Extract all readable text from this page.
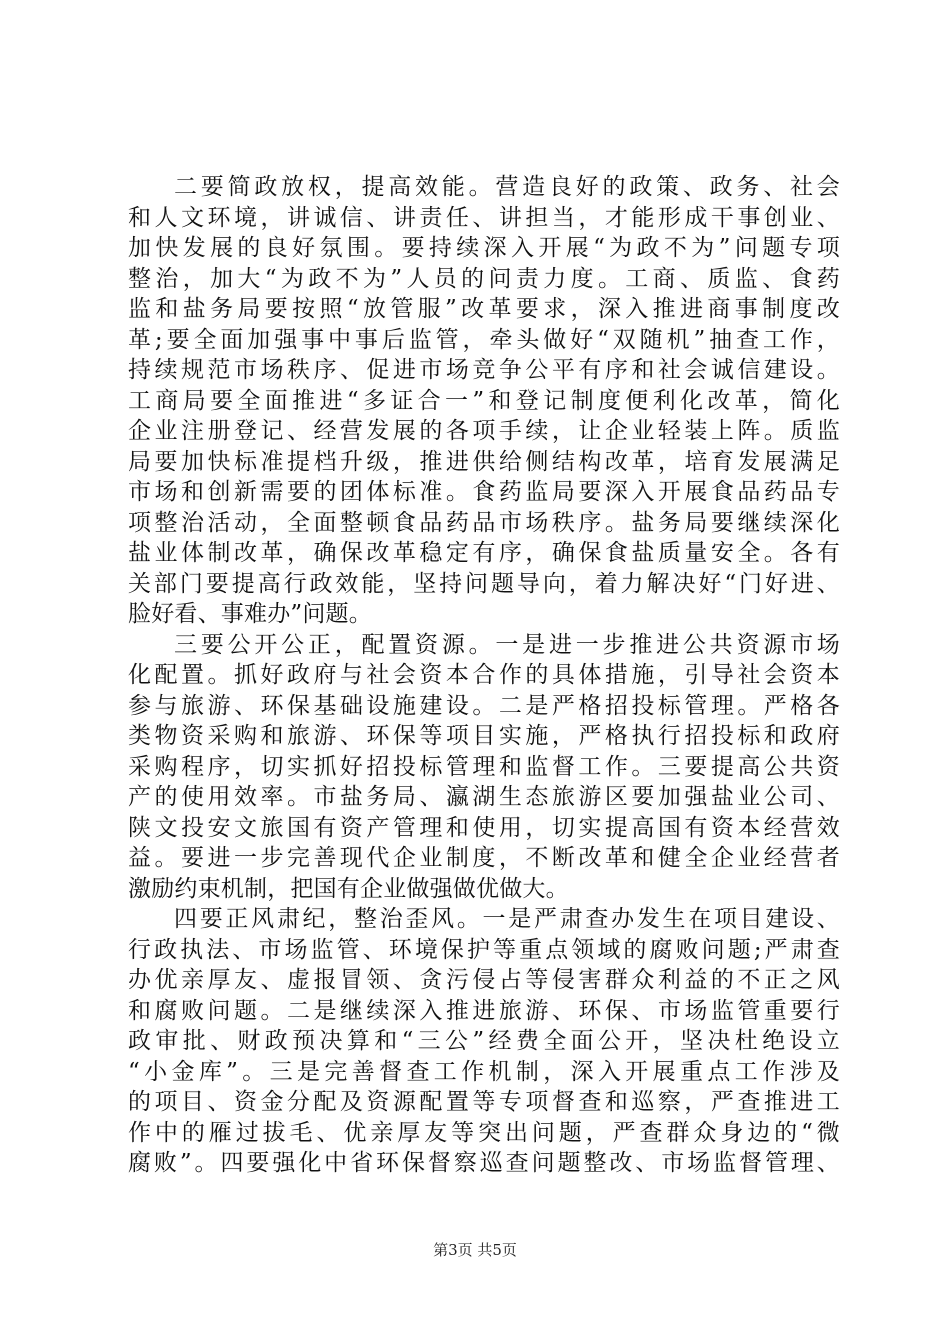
二要简政放权，提高效能。营造良好的政策、政务、社会
和人文环境，讲诚信、讲责任、讲担当，才能形成干事创业、
加快发展的良好氛围。要持续深入开展“为政不为”问题专项
整治，加大“为政不为”人员的问责力度。工商、质监、食药
监和盐务局要按照“放管服”改革要求，深入推进商事制度改
革;要全面加强事中事后监管，牵头做好“双随机”抽查工作，
持续规范市场秩序、促进市场竞争公平有序和社会诚信建设。
工商局要全面推进“多证合一”和登记制度便利化改革，简化
企业注册登记、经营发展的各项手续，让企业轻装上阵。质监
局要加快标准提档升级，推进供给侧结构改革，培育发展满足
市场和创新需要的团体标准。食药监局要深入开展食品药品专
项整治活动，全面整顿食品药品市场秩序。盐务局要继续深化
盐业体制改革，确保改革稳定有序，确保食盐质量安全。各有
关部门要提高行政效能，坚持问题导向，着力解决好“门好进、
脸好看、事难办”问题。
三要公开公正，配置资源。一是进一步推进公共资源市场
化配置。抓好政府与社会资本合作的具体措施，引导社会资本
参与旅游、环保基础设施建设。二是严格招投标管理。严格各
类物资采购和旅游、环保等项目实施，严格执行招投标和政府
采购程序，切实抓好招投标管理和监督工作。三要提高公共资
产的使用效率。市盐务局、瀛湖生态旅游区要加强盐业公司、
陕文投安文旅国有资产管理和使用，切实提高国有资本经营效
益。要进一步完善现代企业制度，不断改革和健全企业经营者
激励约束机制，把国有企业做强做优做大。
四要正风肃纪，整治歪风。一是严肃查办发生在项目建设、
行政执法、市场监管、环境保护等重点领域的腐败问题;严肃查
办优亲厚友、虚报冒领、贪污侵占等侵害群众利益的不正之风
和腐败问题。二是继续深入推进旅游、环保、市场监管重要行
政审批、财政预决算和“三公”经费全面公开，坚决杜绝设立
“小金库”。三是完善督查工作机制，深入开展重点工作涉及
的项目、资金分配及资源配置等专项督查和巡察，严查推进工
作中的雁过拔毛、优亲厚友等突出问题，严查群众身边的“微
腐败”。四要强化中省环保督察巡查问题整改、市场监督管理、
第3页 共5页
